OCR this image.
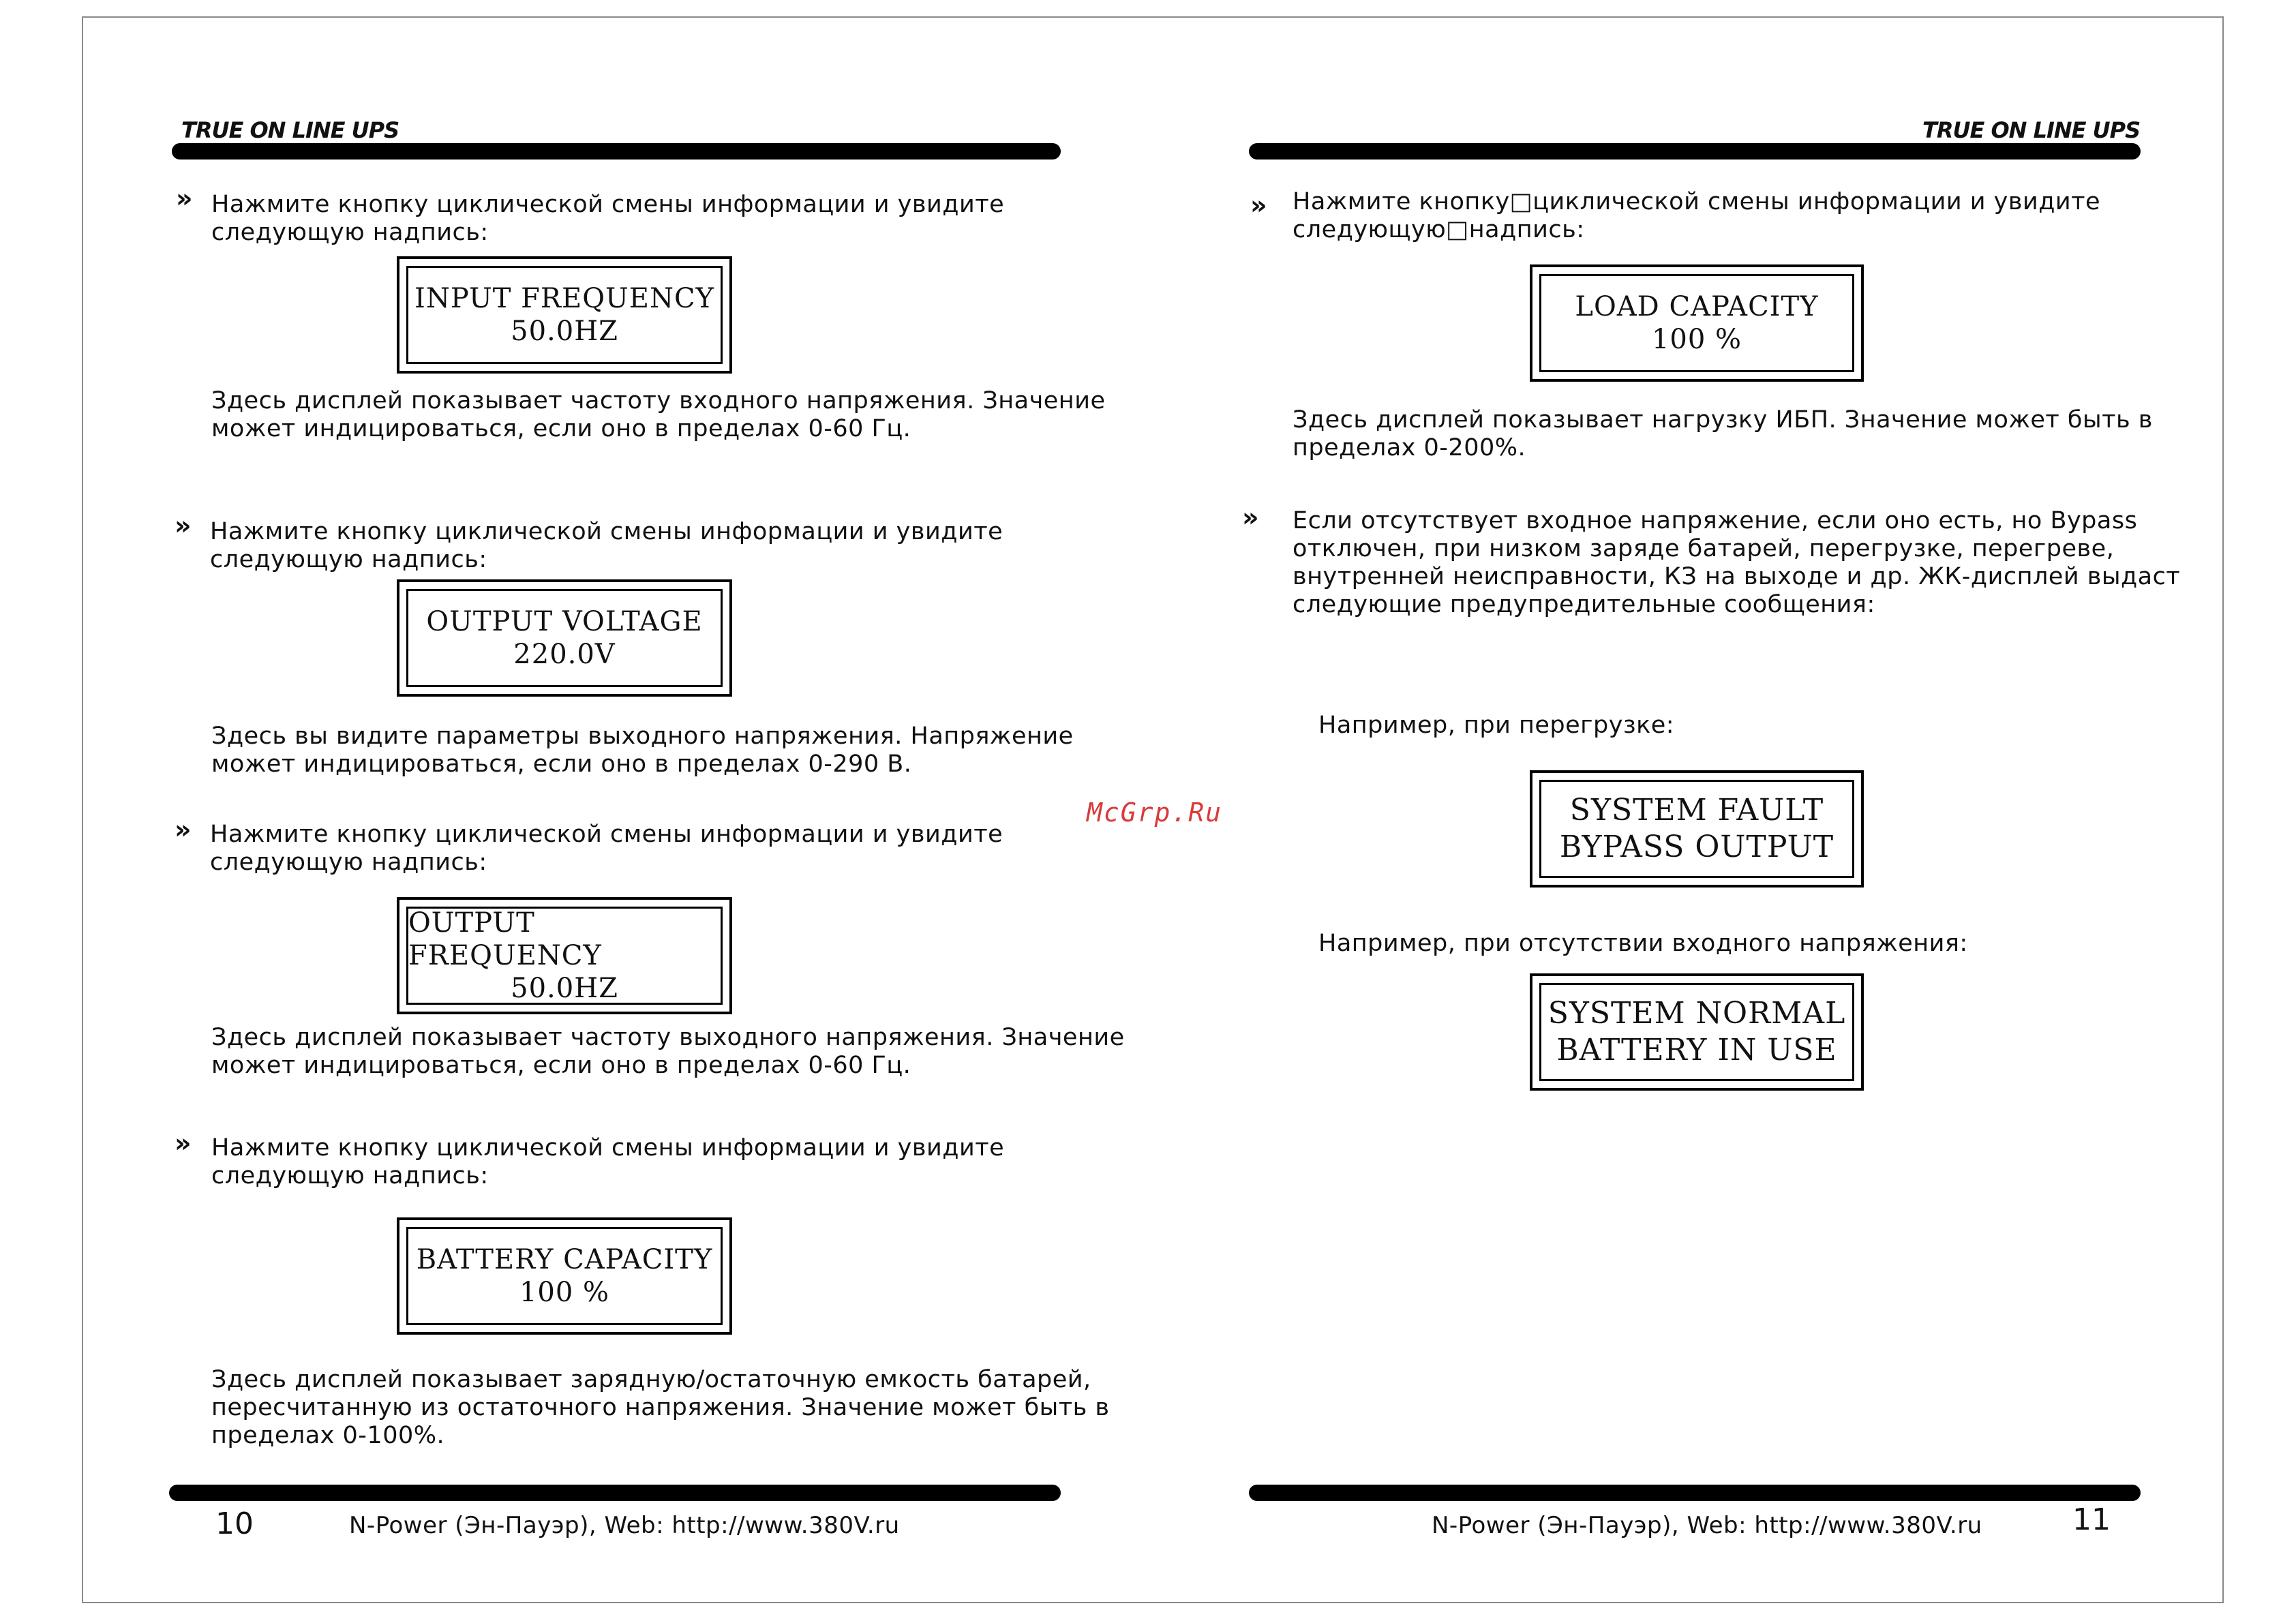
TRUE ON LINE UPS	TRUE ON LINE UPS
» Нажмите кнопку циклической смены информации и увидите
следующую надпись:
INPUT FREQUENCY
50.0HZ
Здесь дисплей показывает частоту входного напряжения. Значение
может индицироваться, если оно в пределах 0-60 Гц.
» Нажмите кнопку циклической смены информации и увидите
следующую надпись:
OUTPUT VOLTAGE
220.0V
Здесь вы видите параметры выходного напряжения. Напряжение
может индицироваться, если оно в пределах 0-290 В.
» Нажмите кнопку циклической смены информации и увидите
следующую надпись:
OUTPUT FREQUENCY
50.0HZ
Здесь дисплей показывает частоту выходного напряжения. Значение
может индицироваться, если оно в пределах 0-60 Гц.
» Нажмите кнопку циклической смены информации и увидите
следующую надпись:
BATTERY CAPACITY
100 %
Здесь дисплей показывает зарядную/остаточную емкость батарей,
пересчитанную из остаточного напряжения. Значение может быть в
пределах 0-100%.
10	N-Power (Эн-Пауэр), Web: http://www.380V.ru
McGrp.Ru
» Нажмите кнопку□циклической смены информации и увидите
следующую□надпись:
LOAD CAPACITY
100 %
Здесь дисплей показывает нагрузку ИБП. Значение может быть в
пределах 0-200%.
» Если отсутствует входное напряжение, если оно есть, но Bypass
отключен, при низком заряде батарей, перегрузке, перегреве,
внутренней неисправности, КЗ на выходе и др. ЖК-дисплей выдаст
следующие предупредительные сообщения:
Например, при перегрузке:
SYSTEM FAULT
BYPASS OUTPUT
Например, при отсутствии входного напряжения:
SYSTEM NORMAL
BATTERY IN USE
N-Power (Эн-Пауэр), Web: http://www.380V.ru	11
